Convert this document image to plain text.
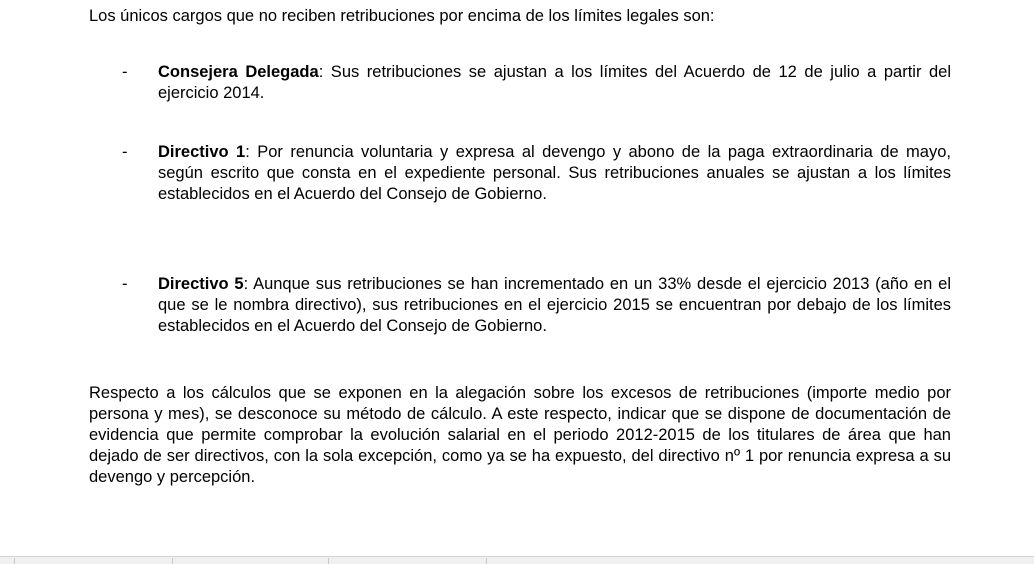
Los únicos cargos que no reciben retribuciones por encima de los límites legales son:

- Consejera Delegada: Sus retribuciones se ajustan a los límites del Acuerdo de 12 de julio a partir del ejercicio 2014.

- Directivo 1: Por renuncia voluntaria y expresa al devengo y abono de la paga extraordinaria de mayo, según escrito que consta en el expediente personal. Sus retribuciones anuales se ajustan a los límites establecidos en el Acuerdo del Consejo de Gobierno.

- Directivo 5: Aunque sus retribuciones se han incrementado en un 33% desde el ejercicio 2013 (año en el que se le nombra directivo), sus retribuciones en el ejercicio 2015 se encuentran por debajo de los límites establecidos en el Acuerdo del Consejo de Gobierno.

Respecto a los cálculos que se exponen en la alegación sobre los excesos de retribuciones (importe medio por persona y mes), se desconoce su método de cálculo. A este respecto, indicar que se dispone de documentación de evidencia que permite comprobar la evolución salarial en el periodo 2012-2015 de los titulares de área que han dejado de ser directivos, con la sola excepción, como ya se ha expuesto, del directivo nº 1 por renuncia expresa a su devengo y percepción.
